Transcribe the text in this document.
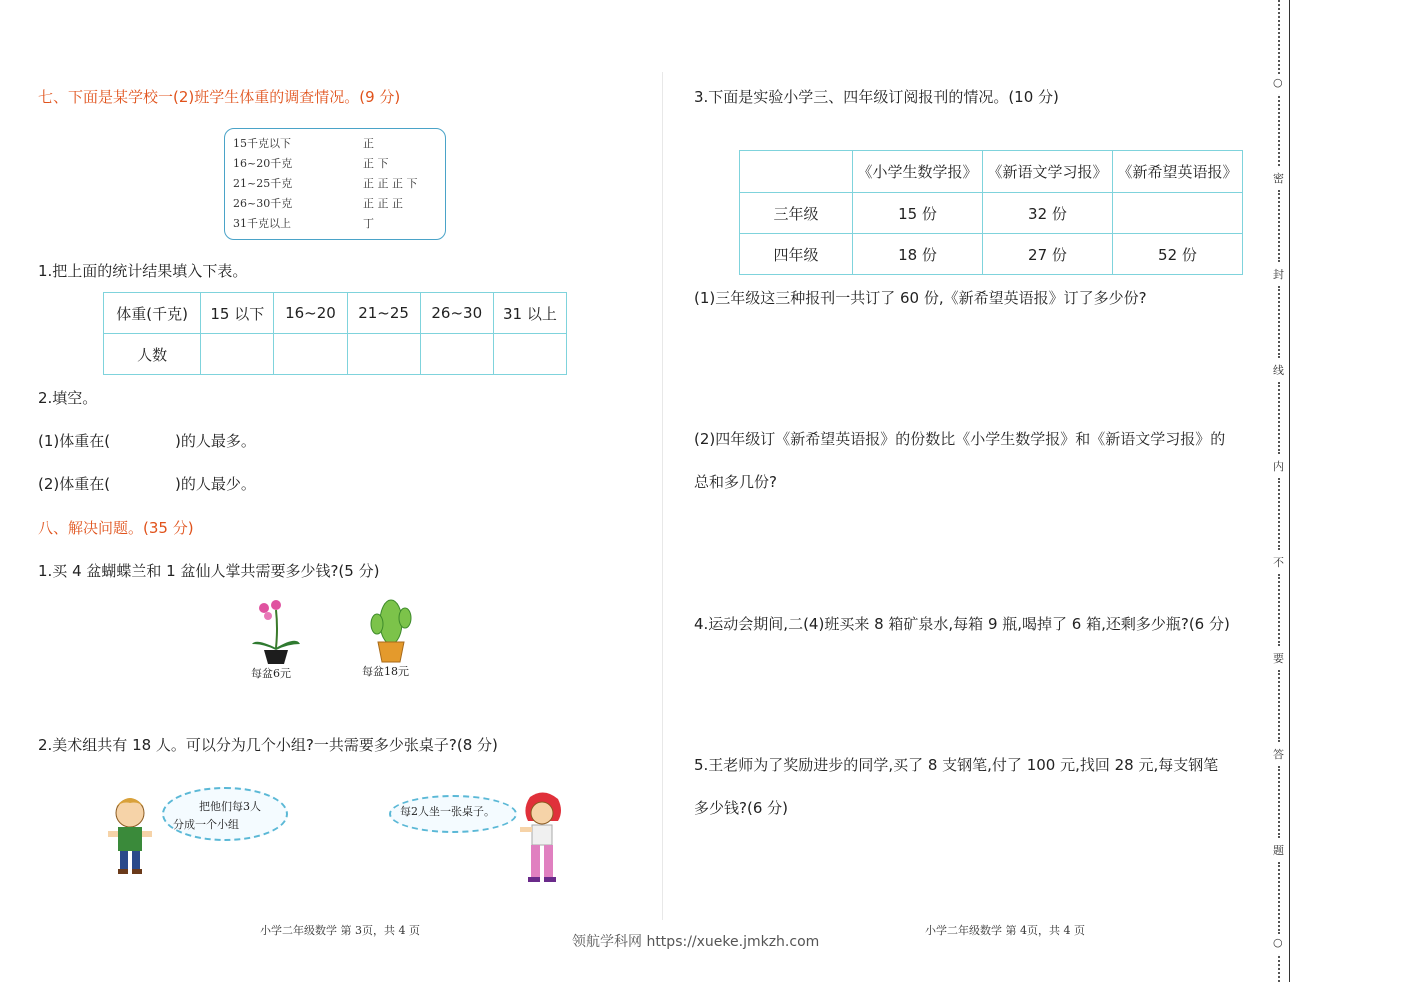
七、下面是某学校一(2)班学生体重的调查情况。(9 分)
15千克以下	正
16~20千克	正 下
21~25千克	正 正 正 下
26~30千克	正 正 正
31千克以上	丁
1.把上面的统计结果填入下表。
体重(千克)	15 以下	16~20	21~25	26~30	31 以上
人数					
2.填空。
(1)体重在(	)的人最多。
(2)体重在(	)的人最少。
八、解决问题。(35 分)
1.买 4 盆蝴蝶兰和 1 盆仙人掌共需要多少钱?(5 分)
每盆6元	每盆18元
2.美术组共有 18 人。可以分为几个小组?一共需要多少张桌子?(8 分)
把他们每3人
分成一个小组
每2人坐一张桌子。
小学二年级数学 第 3页，共 4 页
3.下面是实验小学三、四年级订阅报刊的情况。(10 分)
	《小学生数学报》	《新语文学习报》	《新希望英语报》
三年级	15 份	32 份	
四年级	18 份	27 份	52 份
(1)三年级这三种报刊一共订了 60 份,《新希望英语报》订了多少份?
(2)四年级订《新希望英语报》的份数比《小学生数学报》和《新语文学习报》的
总和多几份?
4.运动会期间,二(4)班买来 8 箱矿泉水,每箱 9 瓶,喝掉了 6 箱,还剩多少瓶?(6 分)
5.王老师为了奖励进步的同学,买了 8 支钢笔,付了 100 元,找回 28 元,每支钢笔
多少钱?(6 分)
小学二年级数学 第 4页，共 4 页
领航学科网 https://xueke.jmkzh.com
○
密
封
线
内
不
要
答
题
○
